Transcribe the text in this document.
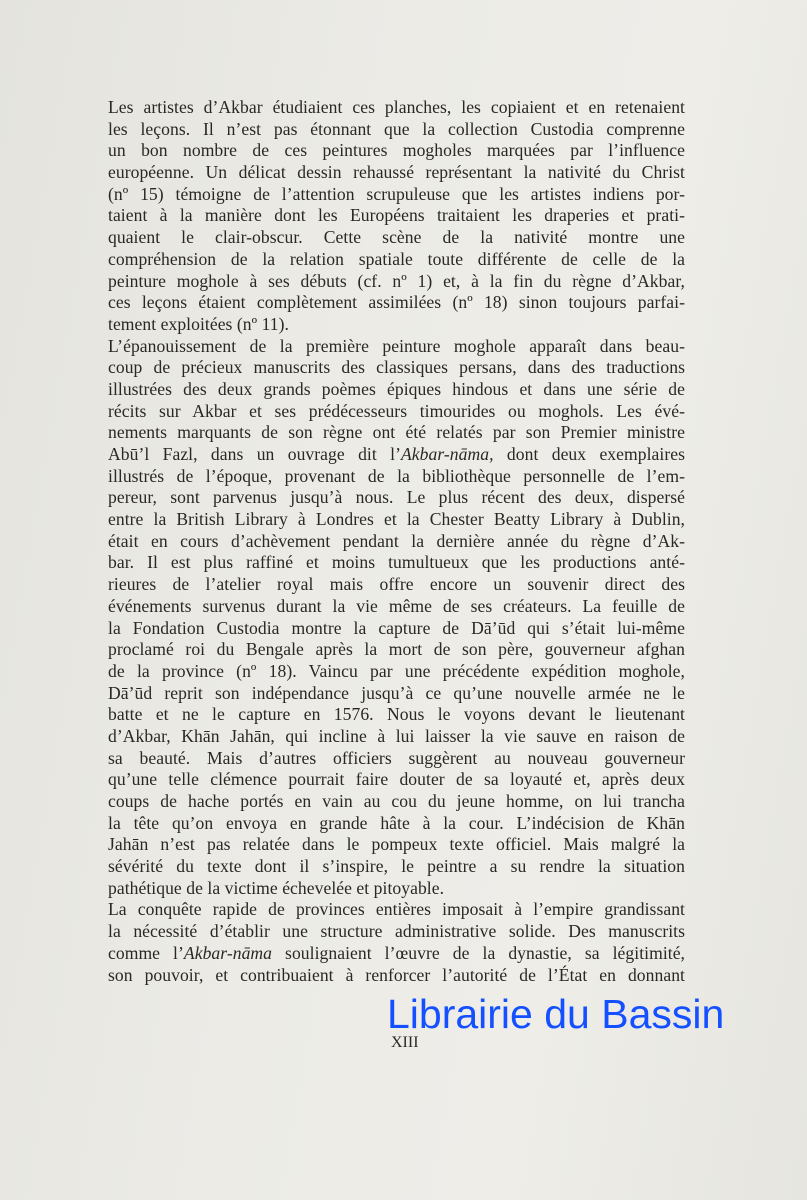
Les artistes d’Akbar étudiaient ces planches, les copiaient et en retenaient
les leçons. Il n’est pas étonnant que la collection Custodia comprenne
un bon nombre de ces peintures mogholes marquées par l’influence
européenne. Un délicat dessin rehaussé représentant la nativité du Christ
(nº 15) témoigne de l’attention scrupuleuse que les artistes indiens por-
taient à la manière dont les Européens traitaient les draperies et prati-
quaient le clair-obscur. Cette scène de la nativité montre une
compréhension de la relation spatiale toute différente de celle de la
peinture moghole à ses débuts (cf. nº 1) et, à la fin du règne d’Akbar,
ces leçons étaient complètement assimilées (nº 18) sinon toujours parfai-
tement exploitées (nº 11).
L’épanouissement de la première peinture moghole apparaît dans beau-
coup de précieux manuscrits des classiques persans, dans des traductions
illustrées des deux grands poèmes épiques hindous et dans une série de
récits sur Akbar et ses prédécesseurs timourides ou moghols. Les évé-
nements marquants de son règne ont été relatés par son Premier ministre
Abū’l Fazl, dans un ouvrage dit l’Akbar-nāma, dont deux exemplaires
illustrés de l’époque, provenant de la bibliothèque personnelle de l’em-
pereur, sont parvenus jusqu’à nous. Le plus récent des deux, dispersé
entre la British Library à Londres et la Chester Beatty Library à Dublin,
était en cours d’achèvement pendant la dernière année du règne d’Ak-
bar. Il est plus raffiné et moins tumultueux que les productions anté-
rieures de l’atelier royal mais offre encore un souvenir direct des
événements survenus durant la vie même de ses créateurs. La feuille de
la Fondation Custodia montre la capture de Dā’ūd qui s’était lui-même
proclamé roi du Bengale après la mort de son père, gouverneur afghan
de la province (nº 18). Vaincu par une précédente expédition moghole,
Dā’ūd reprit son indépendance jusqu’à ce qu’une nouvelle armée ne le
batte et ne le capture en 1576. Nous le voyons devant le lieutenant
d’Akbar, Khān Jahān, qui incline à lui laisser la vie sauve en raison de
sa beauté. Mais d’autres officiers suggèrent au nouveau gouverneur
qu’une telle clémence pourrait faire douter de sa loyauté et, après deux
coups de hache portés en vain au cou du jeune homme, on lui trancha
la tête qu’on envoya en grande hâte à la cour. L’indécision de Khān
Jahān n’est pas relatée dans le pompeux texte officiel. Mais malgré la
sévérité du texte dont il s’inspire, le peintre a su rendre la situation
pathétique de la victime échevelée et pitoyable.
La conquête rapide de provinces entières imposait à l’empire grandissant
la nécessité d’établir une structure administrative solide. Des manuscrits
comme l’Akbar-nāma soulignaient l’œuvre de la dynastie, sa légitimité,
son pouvoir, et contribuaient à renforcer l’autorité de l’État en donnant
XIII
Librairie du Bassin
